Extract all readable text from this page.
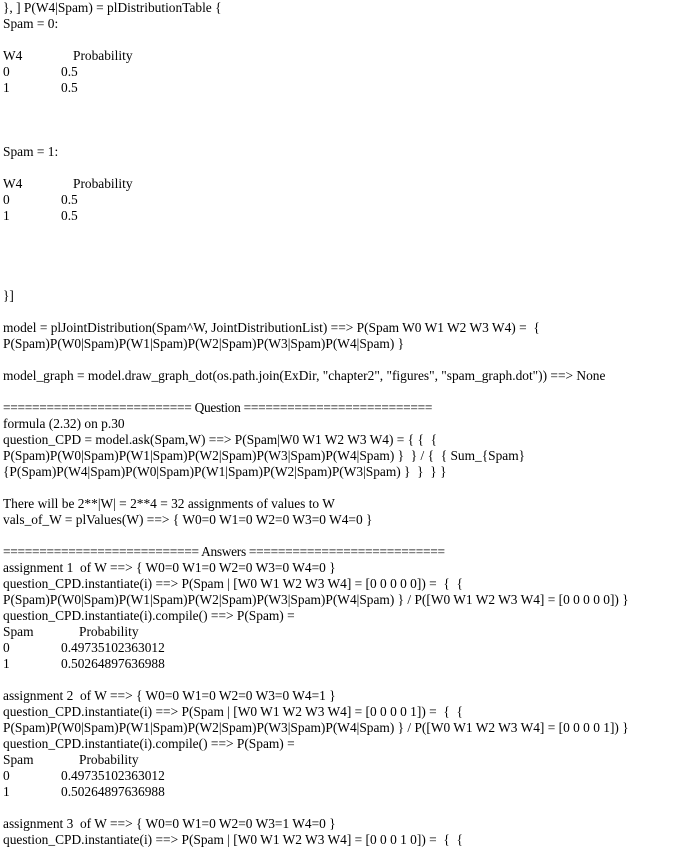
}, ] P(W4|Spam) = plDistributionTable {
Spam = 0:
W4	Probability
0	0.5
1	0.5
Spam = 1:
W4	Probability
0	0.5
1	0.5
}]
model = plJointDistribution(Spam^W, JointDistributionList) ==> P(Spam W0 W1 W2 W3 W4) =  {
P(Spam)P(W0|Spam)P(W1|Spam)P(W2|Spam)P(W3|Spam)P(W4|Spam) }
model_graph = model.draw_graph_dot(os.path.join(ExDir, "chapter2", "figures", "spam_graph.dot")) ==> None
========================== Question ==========================
formula (2.32) on p.30
question_CPD = model.ask(Spam,W) ==> P(Spam|W0 W1 W2 W3 W4) = { {  {
P(Spam)P(W0|Spam)P(W1|Spam)P(W2|Spam)P(W3|Spam)P(W4|Spam) }  } / {  { Sum_{Spam}
{P(Spam)P(W4|Spam)P(W0|Spam)P(W1|Spam)P(W2|Spam)P(W3|Spam) }  }  } }
There will be 2**|W| = 2**4 = 32 assignments of values to W
vals_of_W = plValues(W) ==> { W0=0 W1=0 W2=0 W3=0 W4=0 }
=========================== Answers ===========================
assignment 1  of W ==> { W0=0 W1=0 W2=0 W3=0 W4=0 }
question_CPD.instantiate(i) ==> P(Spam | [W0 W1 W2 W3 W4] = [0 0 0 0 0]) =  {  {
P(Spam)P(W0|Spam)P(W1|Spam)P(W2|Spam)P(W3|Spam)P(W4|Spam) } / P([W0 W1 W2 W3 W4] = [0 0 0 0 0]) }
question_CPD.instantiate(i).compile() ==> P(Spam) =
Spam	Probability
0	0.49735102363012
1	0.50264897636988
assignment 2  of W ==> { W0=0 W1=0 W2=0 W3=0 W4=1 }
question_CPD.instantiate(i) ==> P(Spam | [W0 W1 W2 W3 W4] = [0 0 0 0 1]) =  {  {
P(Spam)P(W0|Spam)P(W1|Spam)P(W2|Spam)P(W3|Spam)P(W4|Spam) } / P([W0 W1 W2 W3 W4] = [0 0 0 0 1]) }
question_CPD.instantiate(i).compile() ==> P(Spam) =
Spam	Probability
0	0.49735102363012
1	0.50264897636988
assignment 3  of W ==> { W0=0 W1=0 W2=0 W3=1 W4=0 }
question_CPD.instantiate(i) ==> P(Spam | [W0 W1 W2 W3 W4] = [0 0 0 1 0]) =  {  {
